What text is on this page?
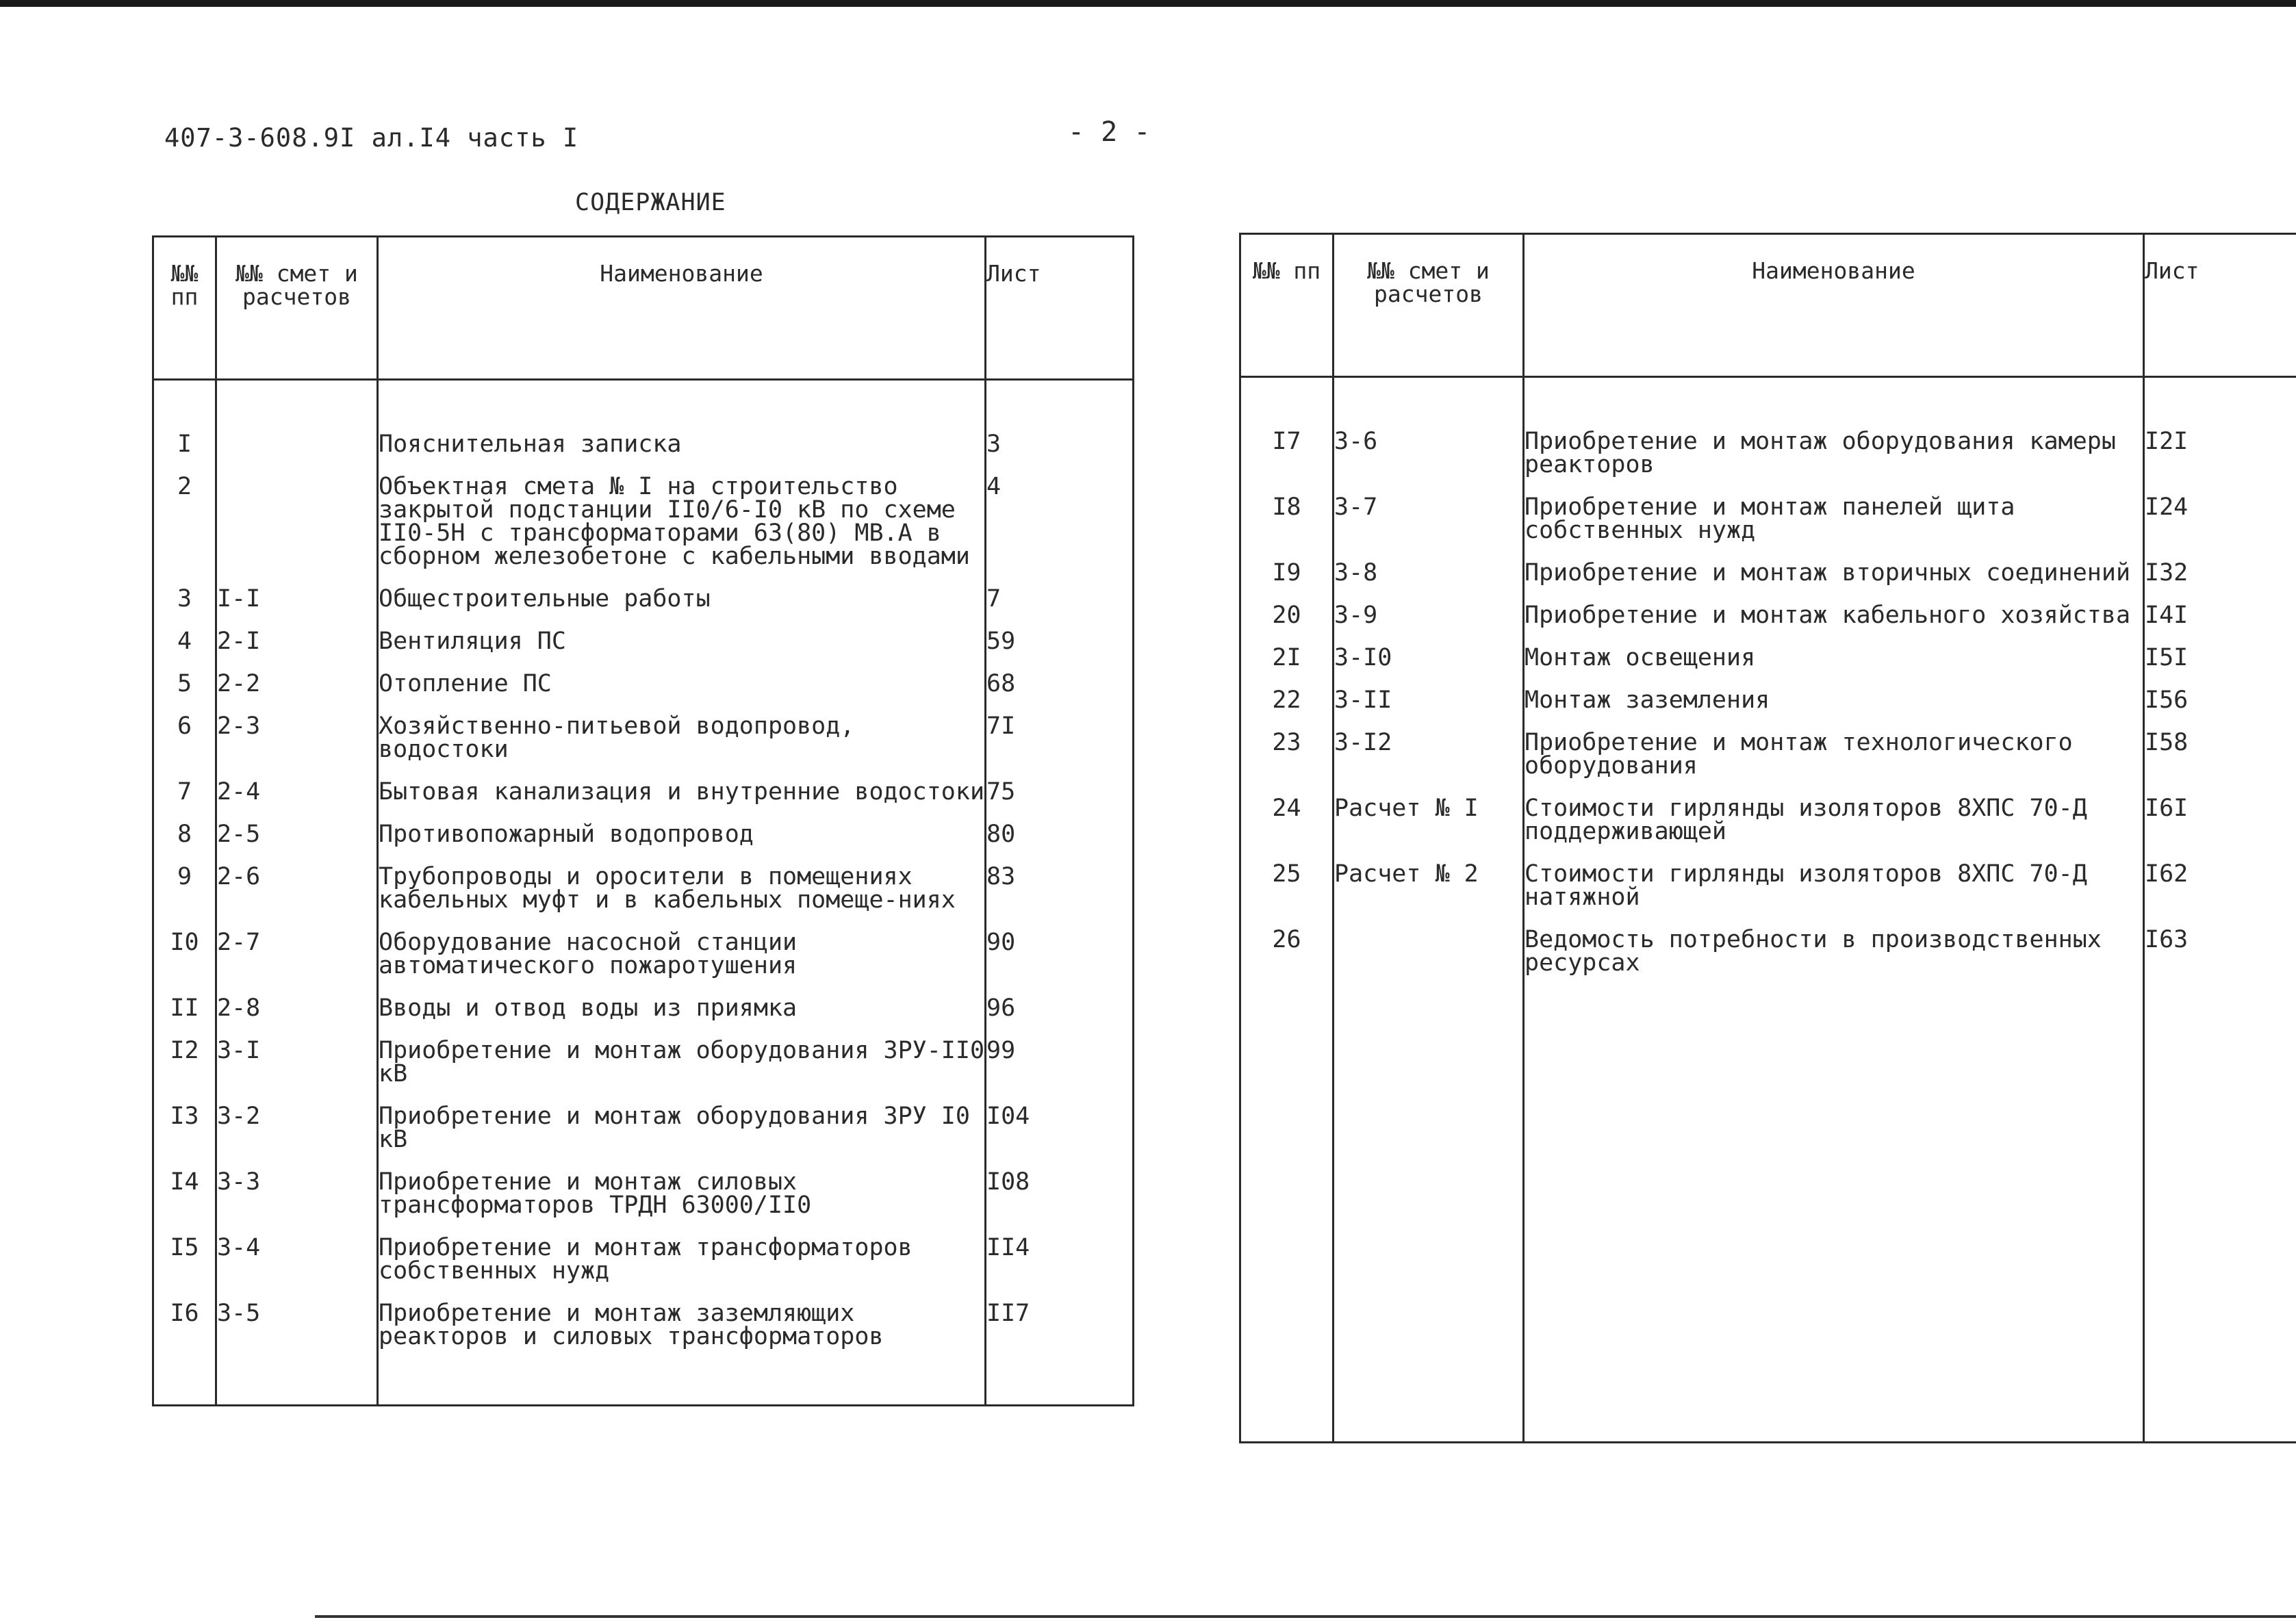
407-3-608.9I ал.I4 часть I	- 2 -
СОДЕРЖАНИЕ
№№ пп	№№ смет и расчетов	Наименование	Лист

I		Пояснительная записка	3
2		Объектная смета № I на строительство закрытой подстанции II0/6-I0 кВ по схеме II0-5Н с трансформаторами 63(80) МВ.А в сборном железобетоне с кабельными вводами	4
3	I-I	Общестроительные работы	7
4	2-I	Вентиляция ПС	59
5	2-2	Отопление ПС	68
6	2-3	Хозяйственно-питьевой водопровод, водостоки	7I
7	2-4	Бытовая канализация и внутренние водостоки	75
8	2-5	Противопожарный водопровод	80
9	2-6	Трубопроводы и оросители в помещениях кабельных муфт и в кабельных помеще-ниях	83
I0	2-7	Оборудование насосной станции автоматического пожаротушения	90
II	2-8	Вводы и отвод воды из приямка	96
I2	3-I	Приобретение и монтаж оборудования ЗРУ-II0 кВ	99
I3	3-2	Приобретение и монтаж оборудования ЗРУ I0 кВ	I04
I4	3-3	Приобретение и монтаж силовых трансформаторов ТРДН 63000/II0	I08
I5	3-4	Приобретение и монтаж трансформаторов собственных нужд	II4
I6	3-5	Приобретение и монтаж заземляющих реакторов и силовых трансформаторов	II7

№№ пп	№№ смет и расчетов	Наименование	Лист

I7	3-6	Приобретение и монтаж оборудования камеры реакторов	I2I
I8	3-7	Приобретение и монтаж панелей щита собственных нужд	I24
I9	3-8	Приобретение и монтаж вторичных соединений	I32
20	3-9	Приобретение и монтаж кабельного хозяйства	I4I
2I	3-I0	Монтаж освещения	I5I
22	3-II	Монтаж заземления	I56
23	3-I2	Приобретение и монтаж технологического оборудования	I58
24	Расчет № I	Стоимости гирлянды изоляторов 8ХПС 70-Д поддерживающей	I6I
25	Расчет № 2	Стоимости гирлянды изоляторов 8ХПС 70-Д натяжной	I62
26		Ведомость потребности в производственных ресурсах	I63
